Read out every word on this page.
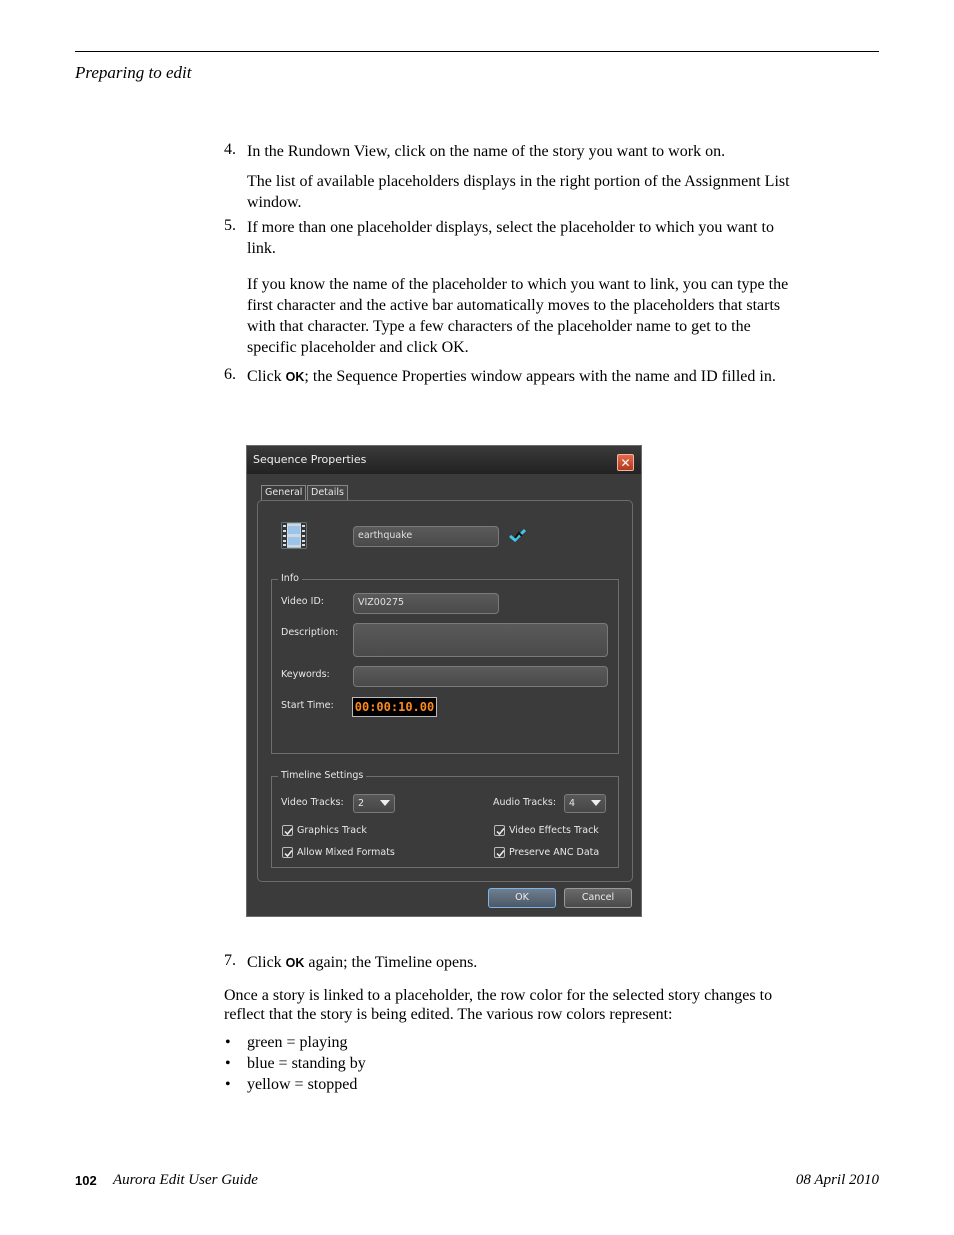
Preparing to edit
4. In the Rundown View, click on the name of the story you want to work on.
The list of available placeholders displays in the right portion of the Assignment List window.
5. If more than one placeholder displays, select the placeholder to which you want to link.
If you know the name of the placeholder to which you want to link, you can type the first character and the active bar automatically moves to the placeholders that starts with that character. Type a few characters of the placeholder name to get to the specific placeholder and click OK.
6. Click OK; the Sequence Properties window appears with the name and ID filled in.
Sequence Properties	✕
General Details
earthquake
Info
Video ID:	VIZ00275
Description:
Keywords:
Start Time: 00:00:10.00
Timeline Settings
Video Tracks:	2	Audio Tracks:	4
Graphics Track	Video Effects Track
Allow Mixed Formats	Preserve ANC Data
OK	Cancel
7. Click OK again; the Timeline opens.
Once a story is linked to a placeholder, the row color for the selected story changes to reflect that the story is being edited. The various row colors represent:
• green = playing
• blue = standing by
• yellow = stopped
102 Aurora Edit User Guide	08 April 2010
